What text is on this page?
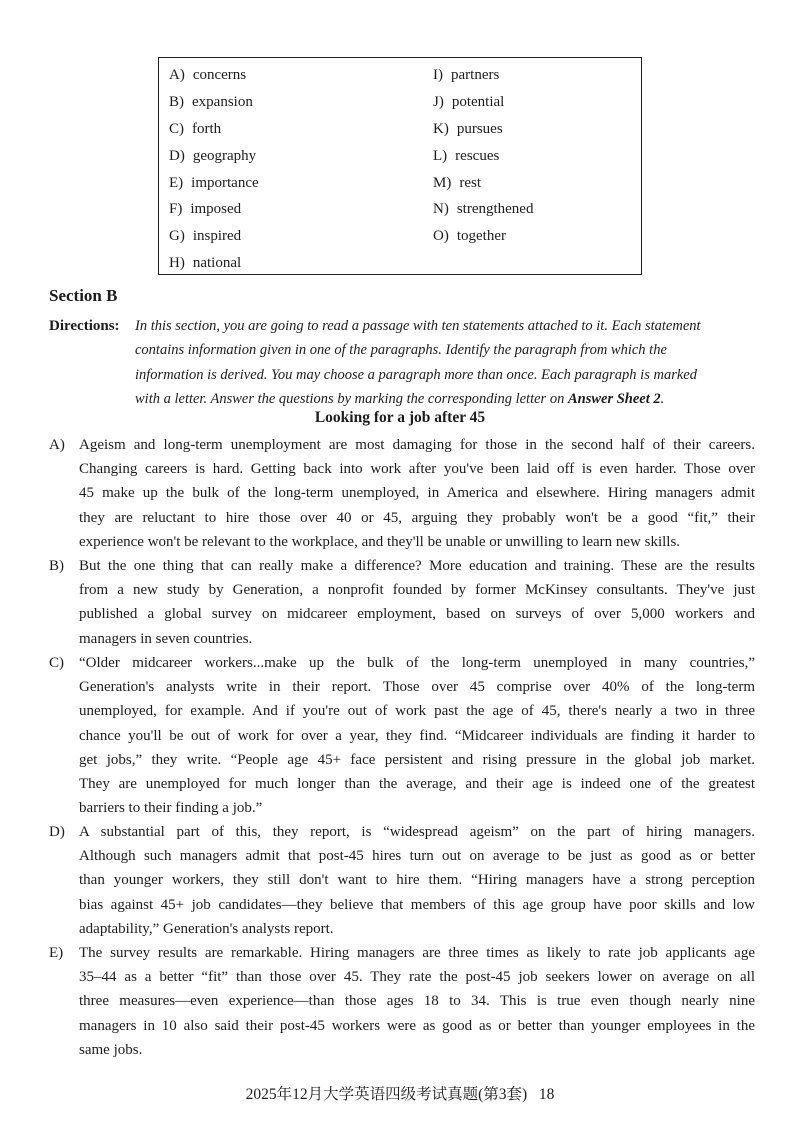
A) concerns
B) expansion
C) forth
D) geography
E) importance
F) imposed
G) inspired
H) national
I) partners
J) potential
K) pursues
L) rescues
M) rest
N) strengthened
O) together
Section B
Directions: In this section, you are going to read a passage with ten statements attached to it. Each statement
contains information given in one of the paragraphs. Identify the paragraph from which the
information is derived. You may choose a paragraph more than once. Each paragraph is marked
with a letter. Answer the questions by marking the corresponding letter on Answer Sheet 2.
Looking for a job after 45
A) Ageism and long-term unemployment are most damaging for those in the second half of their careers.
Changing careers is hard. Getting back into work after you've been laid off is even harder. Those over
45 make up the bulk of the long-term unemployed, in America and elsewhere. Hiring managers admit
they are reluctant to hire those over 40 or 45, arguing they probably won't be a good “fit,” their
experience won't be relevant to the workplace, and they'll be unable or unwilling to learn new skills.
B) But the one thing that can really make a difference? More education and training. These are the results
from a new study by Generation, a nonprofit founded by former McKinsey consultants. They've just
published a global survey on midcareer employment, based on surveys of over 5,000 workers and
managers in seven countries.
C) “Older midcareer workers...make up the bulk of the long-term unemployed in many countries,”
Generation's analysts write in their report. Those over 45 comprise over 40% of the long-term
unemployed, for example. And if you're out of work past the age of 45, there's nearly a two in three
chance you'll be out of work for over a year, they find. “Midcareer individuals are finding it harder to
get jobs,” they write. “People age 45+ face persistent and rising pressure in the global job market.
They are unemployed for much longer than the average, and their age is indeed one of the greatest
barriers to their finding a job.”
D) A substantial part of this, they report, is “widespread ageism” on the part of hiring managers.
Although such managers admit that post-45 hires turn out on average to be just as good as or better
than younger workers, they still don't want to hire them. “Hiring managers have a strong perception
bias against 45+ job candidates—they believe that members of this age group have poor skills and low
adaptability,” Generation's analysts report.
E) The survey results are remarkable. Hiring managers are three times as likely to rate job applicants age
35–44 as a better “fit” than those over 45. They rate the post-45 job seekers lower on average on all
three measures—even experience—than those ages 18 to 34. This is true even though nearly nine
managers in 10 also said their post-45 workers were as good as or better than younger employees in the
same jobs.
2025年12月大学英语四级考试真题(第3套) 18
